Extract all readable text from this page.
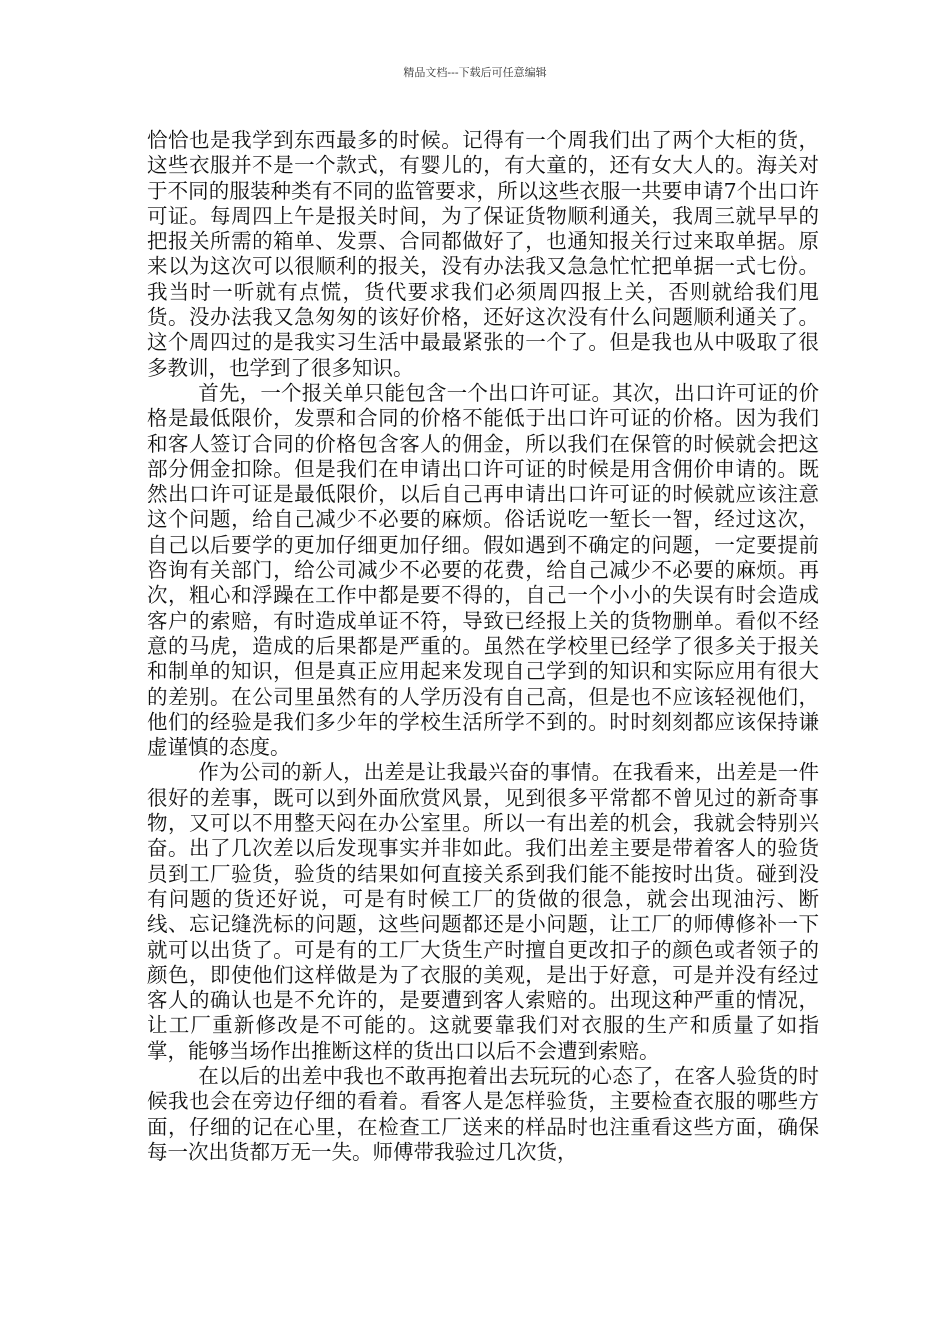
精品文档---下载后可任意编辑

恰恰也是我学到东西最多的时候。记得有一个周我们出了两个大柜的货，这些衣服并不是一个款式，有婴儿的，有大童的，还有女大人的。海关对于不同的服装种类有不同的监管要求，所以这些衣服一共要申请7个出口许可证。每周四上午是报关时间，为了保证货物顺利通关，我周三就早早的把报关所需的箱单、发票、合同都做好了，也通知报关行过来取单据。原来以为这次可以很顺利的报关，没有办法我又急急忙忙把单据一式七份。我当时一听就有点慌，货代要求我们必须周四报上关，否则就给我们甩货。没办法我又急匆匆的该好价格，还好这次没有什么问题顺利通关了。这个周四过的是我实习生活中最最紧张的一个了。但是我也从中吸取了很多教训，也学到了很多知识。

首先，一个报关单只能包含一个出口许可证。其次，出口许可证的价格是最低限价，发票和合同的价格不能低于出口许可证的价格。因为我们和客人签订合同的价格包含客人的佣金，所以我们在保管的时候就会把这部分佣金扣除。但是我们在申请出口许可证的时候是用含佣价申请的。既然出口许可证是最低限价，以后自己再申请出口许可证的时候就应该注意这个问题，给自己减少不必要的麻烦。俗话说吃一堑长一智，经过这次，自己以后要学的更加仔细更加仔细。假如遇到不确定的问题，一定要提前咨询有关部门，给公司减少不必要的花费，给自己减少不必要的麻烦。再次，粗心和浮躁在工作中都是要不得的，自己一个小小的失误有时会造成客户的索赔，有时造成单证不符，导致已经报上关的货物删单。看似不经意的马虎，造成的后果都是严重的。虽然在学校里已经学了很多关于报关和制单的知识，但是真正应用起来发现自己学到的知识和实际应用有很大的差别。在公司里虽然有的人学历没有自己高，但是也不应该轻视他们，他们的经验是我们多少年的学校生活所学不到的。时时刻刻都应该保持谦虚谨慎的态度。

作为公司的新人，出差是让我最兴奋的事情。在我看来，出差是一件很好的差事，既可以到外面欣赏风景，见到很多平常都不曾见过的新奇事物，又可以不用整天闷在办公室里。所以一有出差的机会，我就会特别兴奋。出了几次差以后发现事实并非如此。我们出差主要是带着客人的验货员到工厂验货，验货的结果如何直接关系到我们能不能按时出货。碰到没有问题的货还好说，可是有时候工厂的货做的很急，就会出现油污、断线、忘记缝洗标的问题，这些问题都还是小问题，让工厂的师傅修补一下就可以出货了。可是有的工厂大货生产时擅自更改扣子的颜色或者领子的颜色，即使他们这样做是为了衣服的美观，是出于好意，可是并没有经过客人的确认也是不允许的，是要遭到客人索赔的。出现这种严重的情况，让工厂重新修改是不可能的。这就要靠我们对衣服的生产和质量了如指掌，能够当场作出推断这样的货出口以后不会遭到索赔。

在以后的出差中我也不敢再抱着出去玩玩的心态了，在客人验货的时候我也会在旁边仔细的看着。看客人是怎样验货，主要检查衣服的哪些方面，仔细的记在心里，在检查工厂送来的样品时也注重看这些方面，确保每一次出货都万无一失。师傅带我验过几次货，
